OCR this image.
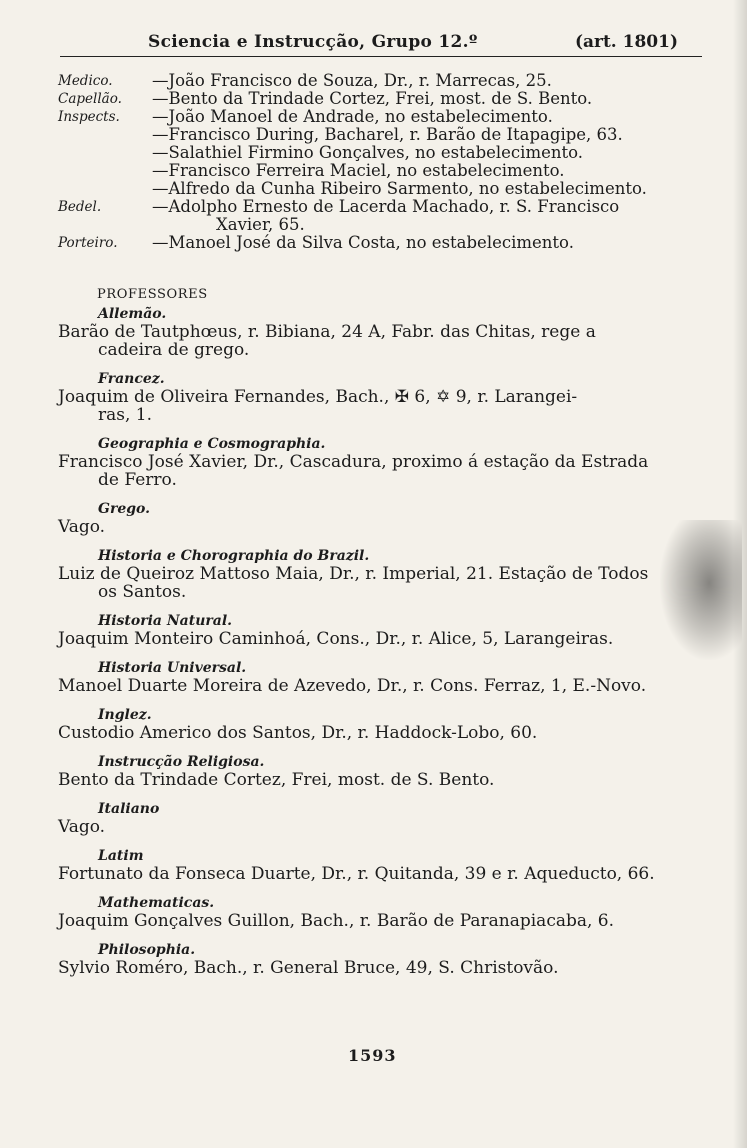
Sciencia e Instrucção, Grupo 12.º	(art. 1801)
Medico.	—João Francisco de Souza, Dr., r. Marrecas, 25.
Capellão.	—Bento da Trindade Cortez, Frei, most. de S. Bento.
Inspects.	—João Manoel de Andrade, no estabelecimento.
—Francisco During, Bacharel, r. Barão de Itapagipe, 63.
—Salathiel Firmino Gonçalves, no estabelecimento.
—Francisco Ferreira Maciel, no estabelecimento.
—Alfredo da Cunha Ribeiro Sarmento, no estabelecimento.
Bedel.	—Adolpho Ernesto de Lacerda Machado, r. S. Francisco
Xavier, 65.
Porteiro.	—Manoel José da Silva Costa, no estabelecimento.
PROFESSORES
Allemão.
Barão de Tautphœus, r. Bibiana, 24 A, Fabr. das Chitas, rege a
cadeira de grego.
Francez.
Joaquim de Oliveira Fernandes, Bach., ✠ 6, ✡ 9, r. Larangei-
ras, 1.
Geographia e Cosmographia.
Francisco José Xavier, Dr., Cascadura, proximo á estação da Estrada
de Ferro.
Grego.
Vago.
Historia e Chorographia do Brazil.
Luiz de Queiroz Mattoso Maia, Dr., r. Imperial, 21. Estação de Todos
os Santos.
Historia Natural.
Joaquim Monteiro Caminhoá, Cons., Dr., r. Alice, 5, Larangeiras.
Historia Universal.
Manoel Duarte Moreira de Azevedo, Dr., r. Cons. Ferraz, 1, E.-Novo.
Inglez.
Custodio Americo dos Santos, Dr., r. Haddock-Lobo, 60.
Instrucção Religiosa.
Bento da Trindade Cortez, Frei, most. de S. Bento.
Italiano
Vago.
Latim
Fortunato da Fonseca Duarte, Dr., r. Quitanda, 39 e r. Aqueducto, 66.
Mathematicas.
Joaquim Gonçalves Guillon, Bach., r. Barão de Paranapiacaba, 6.
Philosophia.
Sylvio Roméro, Bach., r. General Bruce, 49, S. Christovão.
1593
